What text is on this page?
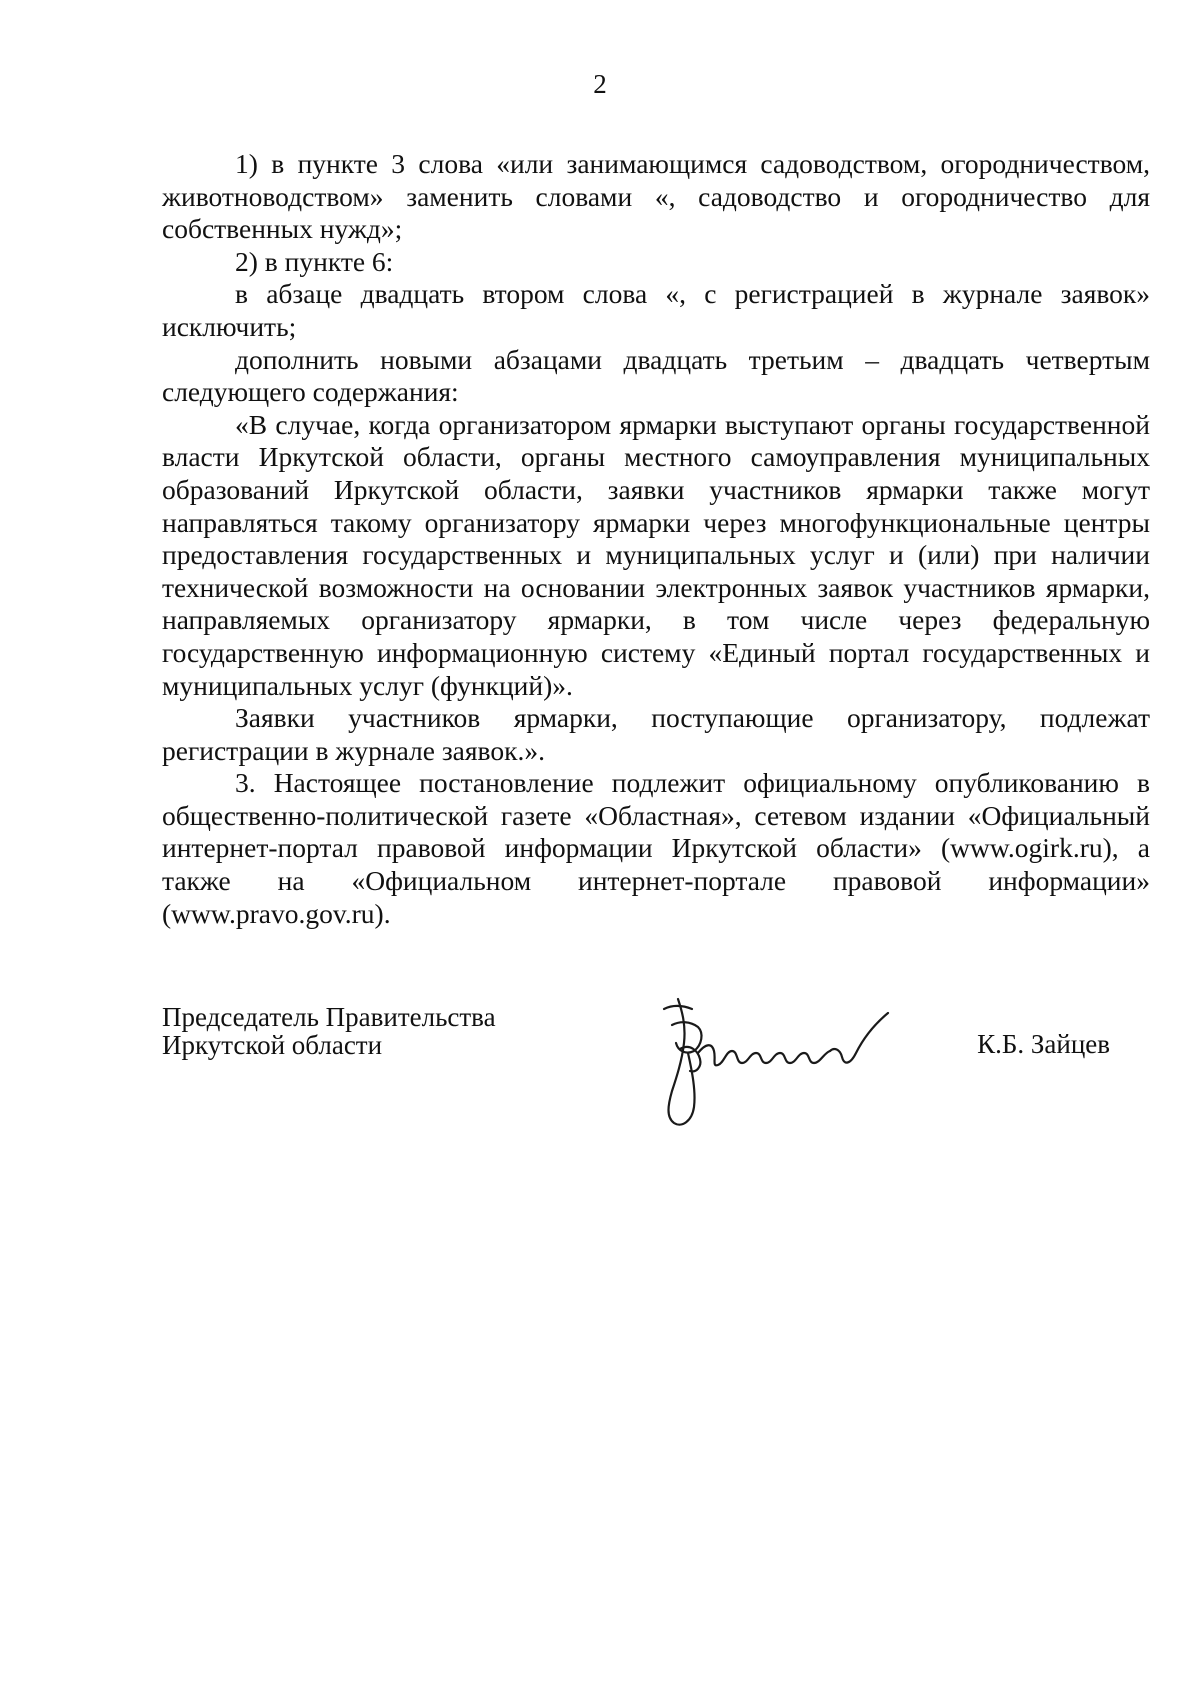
2

1) в пункте 3 слова «или занимающимся садоводством, огородничеством, животноводством» заменить словами «, садоводство и огородничество для собственных нужд»;

2) в пункте 6:

в абзаце двадцать втором слова «, с регистрацией в журнале заявок» исключить;

дополнить новыми абзацами двадцать третьим – двадцать четвертым следующего содержания:

«В случае, когда организатором ярмарки выступают органы государственной власти Иркутской области, органы местного самоуправления муниципальных образований Иркутской области, заявки участников ярмарки также могут направляться такому организатору ярмарки через многофункциональные центры предоставления государственных и муниципальных услуг и (или) при наличии технической возможности на основании электронных заявок участников ярмарки, направляемых организатору ярмарки, в том числе через федеральную государственную информационную систему «Единый портал государственных и муниципальных услуг (функций)».

Заявки участников ярмарки, поступающие организатору, подлежат регистрации в журнале заявок.».

3. Настоящее постановление подлежит официальному опубликованию в общественно-политической газете «Областная», сетевом издании «Официальный интернет-портал правовой информации Иркутской области» (www.ogirk.ru), а также на «Официальном интернет-портале правовой информации» (www.pravo.gov.ru).

Председатель Правительства
Иркутской области	К.Б. Зайцев
